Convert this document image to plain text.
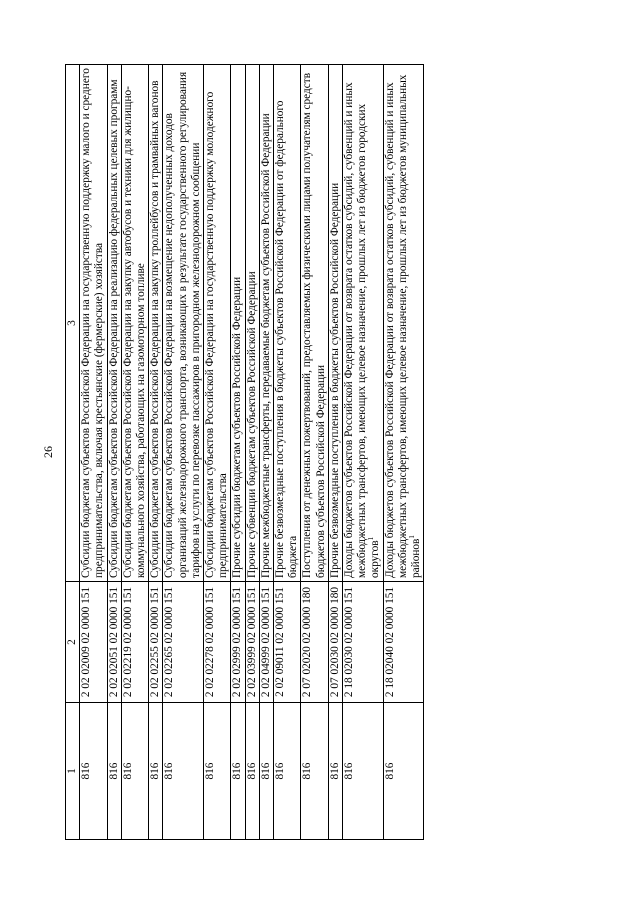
26
1	2	3
816	2 02 02009 02 0000 151	Субсидии бюджетам субъектов Российской Федерации на государственную поддержку малого и среднего предпринимательства, включая крестьянские (фермерские) хозяйства
816	2 02 02051 02 0000 151	Субсидии бюджетам субъектов Российской Федерации на реализацию федеральных целевых программ
816	2 02 02219 02 0000 151	Субсидии бюджетам субъектов Российской Федерации на закупку автобусов и техники для жилищно-коммунального хозяйства, работающих на газомоторном топливе
816	2 02 02255 02 0000 151	Субсидии бюджетам субъектов Российской Федерации на закупку троллейбусов и трамвайных вагонов
816	2 02 02265 02 0000 151	Субсидии бюджетам субъектов Российской Федерации на возмещение недополученных доходов организаций железнодорожного транспорта, возникающих в результате государственного регулирования тарифов на услуги по перевозке пассажиров в пригородном железнодорожном сообщении
816	2 02 02278 02 0000 151	Субсидии бюджетам субъектов Российской Федерации на государственную поддержку молодежного предпринимательства
816	2 02 02999 02 0000 151	Прочие субсидии бюджетам субъектов Российской Федерации
816	2 02 03999 02 0000 151	Прочие субвенции бюджетам субъектов Российской Федерации
816	2 02 04999 02 0000 151	Прочие межбюджетные трансферты, передаваемые бюджетам субъектов Российской Федерации
816	2 02 09011 02 0000 151	Прочие безвозмездные поступления в бюджеты субъектов Российской Федерации от федерального бюджета
816	2 07 02020 02 0000 180	Поступления от денежных пожертвований, предоставляемых физическими лицами получателям средств бюджетов субъектов Российской Федерации
816	2 07 02030 02 0000 180	Прочие безвозмездные поступления в бюджеты субъектов Российской Федерации
816	2 18 02030 02 0000 151	Доходы бюджетов субъектов Российской Федерации от возврата остатков субсидий, субвенций и иных межбюджетных трансфертов, имеющих целевое назначение, прошлых лет из бюджетов городских округов$^1$
816	2 18 02040 02 0000 151	Доходы бюджетов субъектов Российской Федерации от возврата остатков субсидий, субвенций и иных межбюджетных трансфертов, имеющих целевое назначение, прошлых лет из бюджетов муниципальных районов$^1$
